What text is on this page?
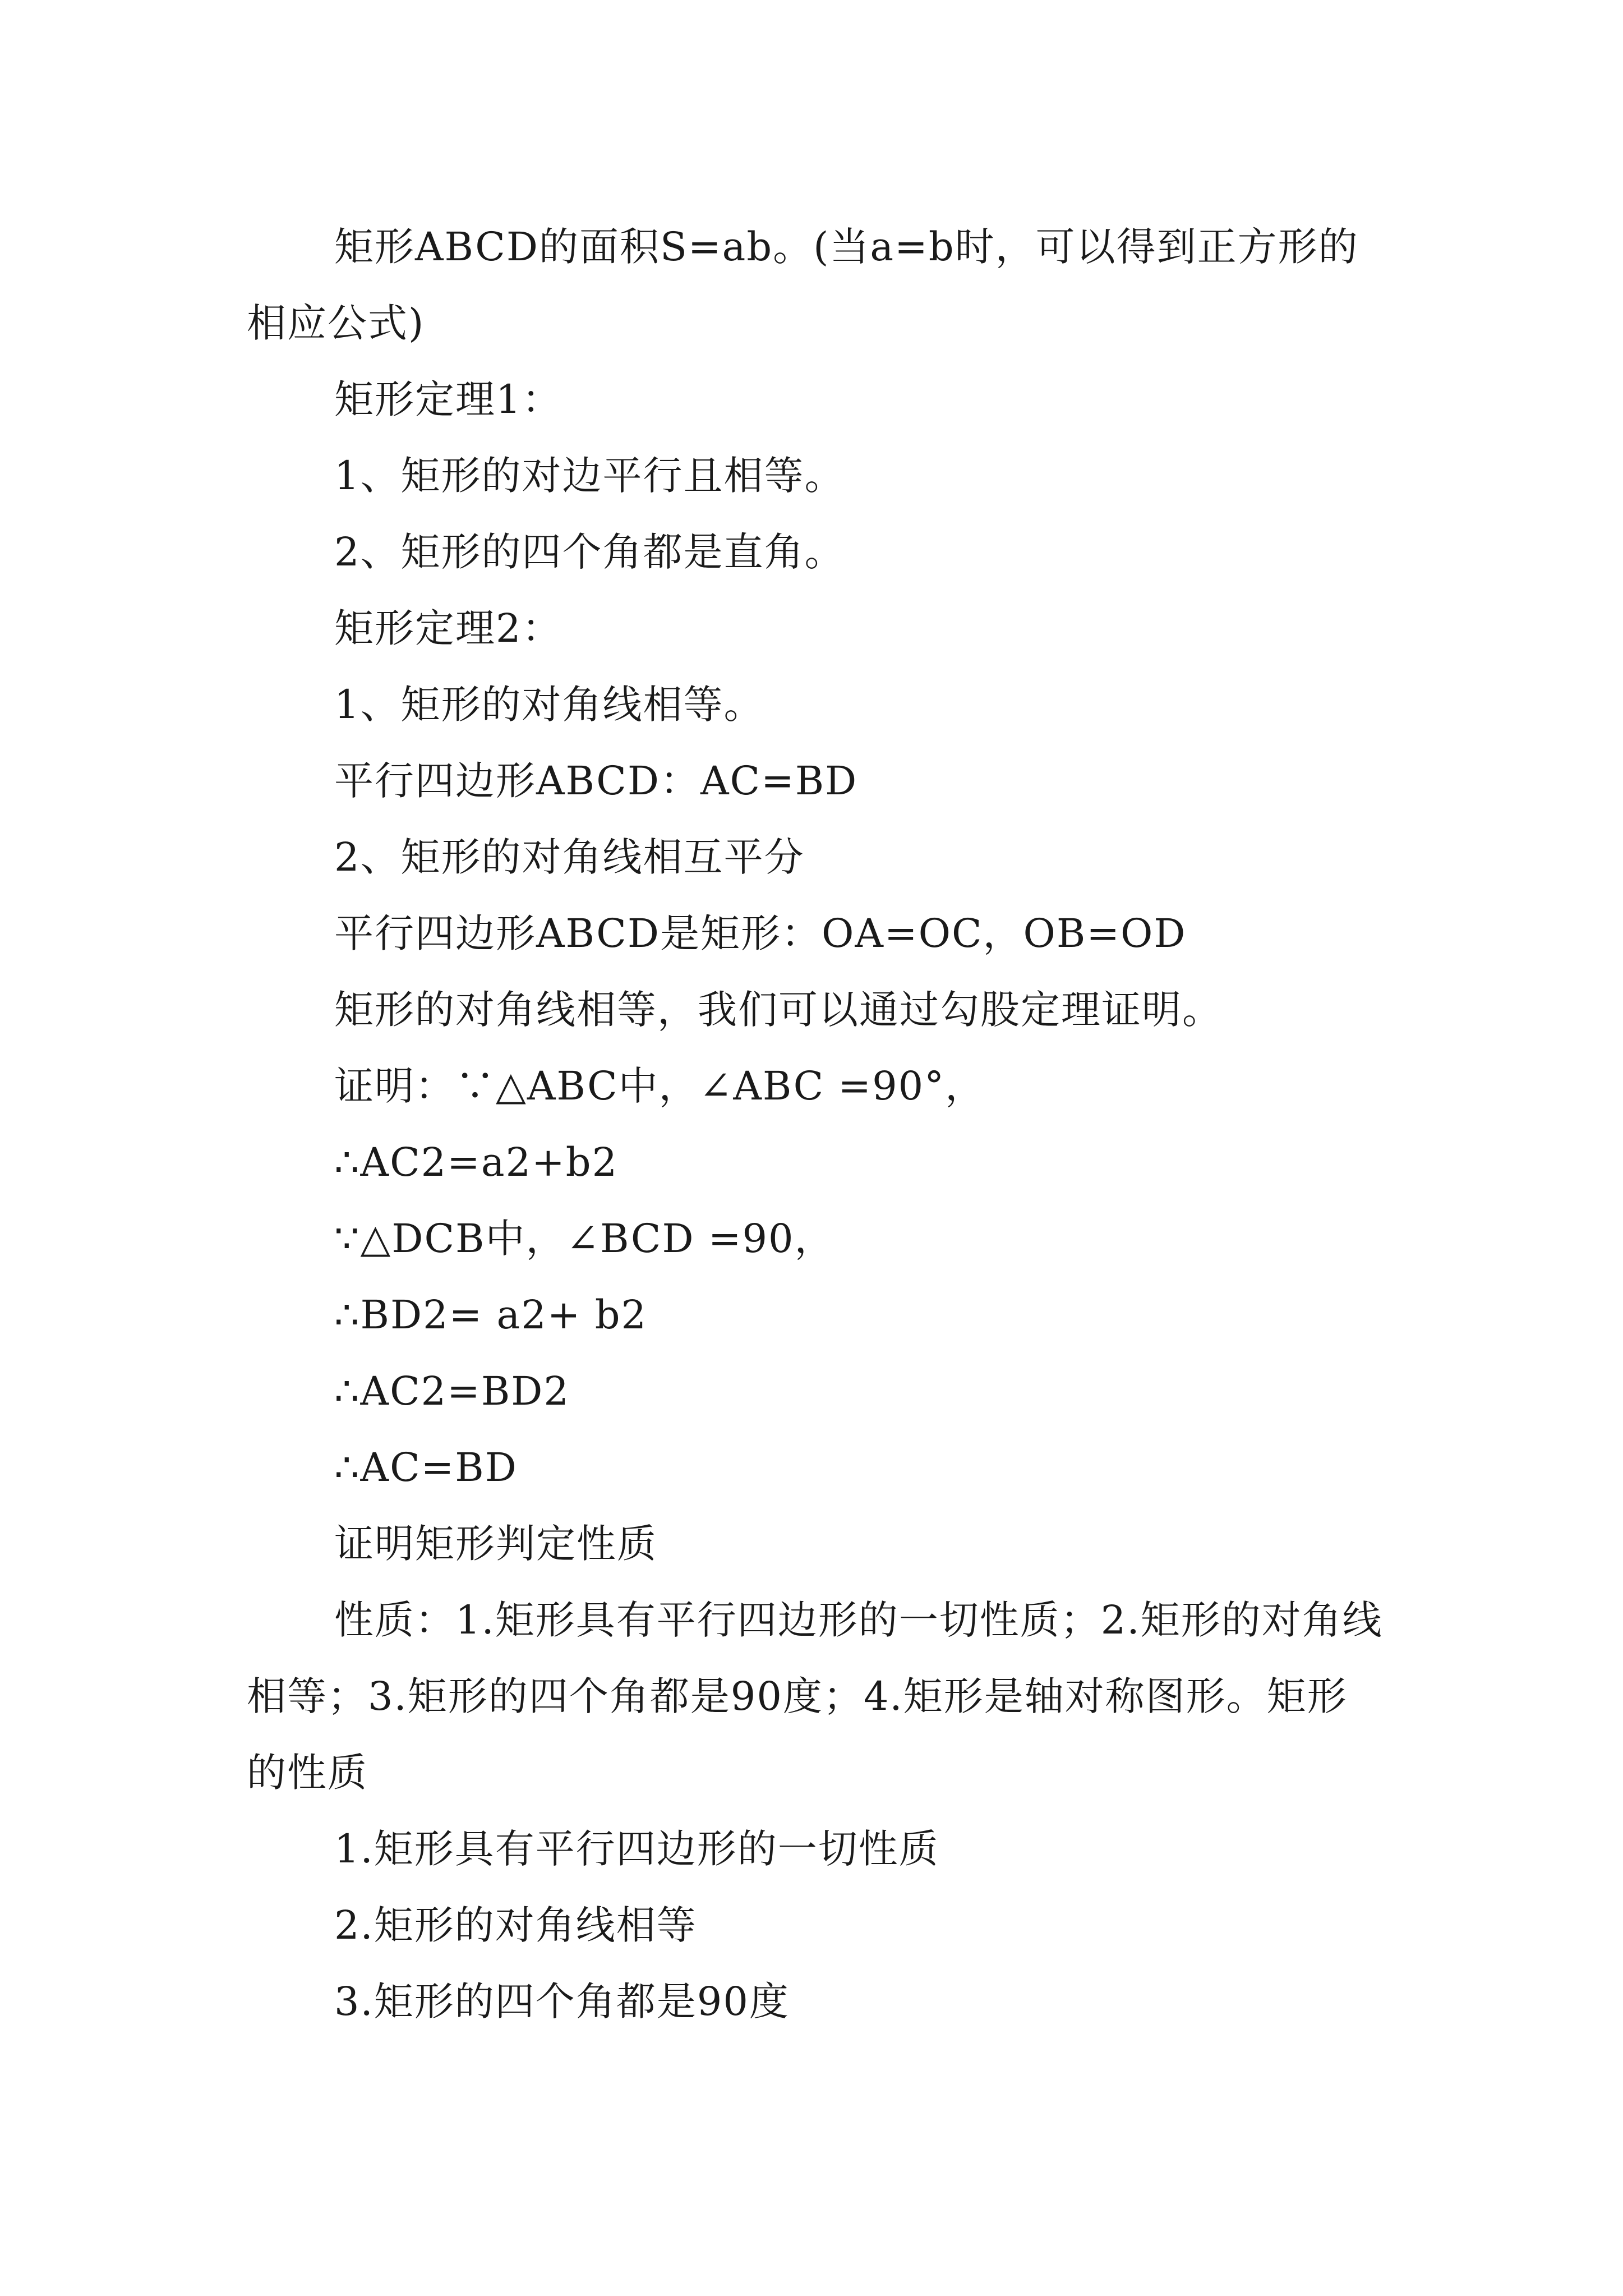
矩形ABCD的面积S=ab。(当a=b时，可以得到正方形的相应公式)

矩形定理1：

1、矩形的对边平行且相等。

2、矩形的四个角都是直角。

矩形定理2：

1、矩形的对角线相等。

平行四边形ABCD：AC=BD

2、矩形的对角线相互平分

平行四边形ABCD是矩形：OA=OC，OB=OD

矩形的对角线相等，我们可以通过勾股定理证明。

证明：∵△ABC中，∠ABC =90°，

∴AC2=a2+b2

∵△DCB中，∠BCD =90，

∴BD2= a2+ b2

∴AC2=BD2

∴AC=BD

证明矩形判定性质

性质：1.矩形具有平行四边形的一切性质；2.矩形的对角线相等；3.矩形的四个角都是90度；4.矩形是轴对称图形。矩形的性质

1.矩形具有平行四边形的一切性质

2.矩形的对角线相等

3.矩形的四个角都是90度
